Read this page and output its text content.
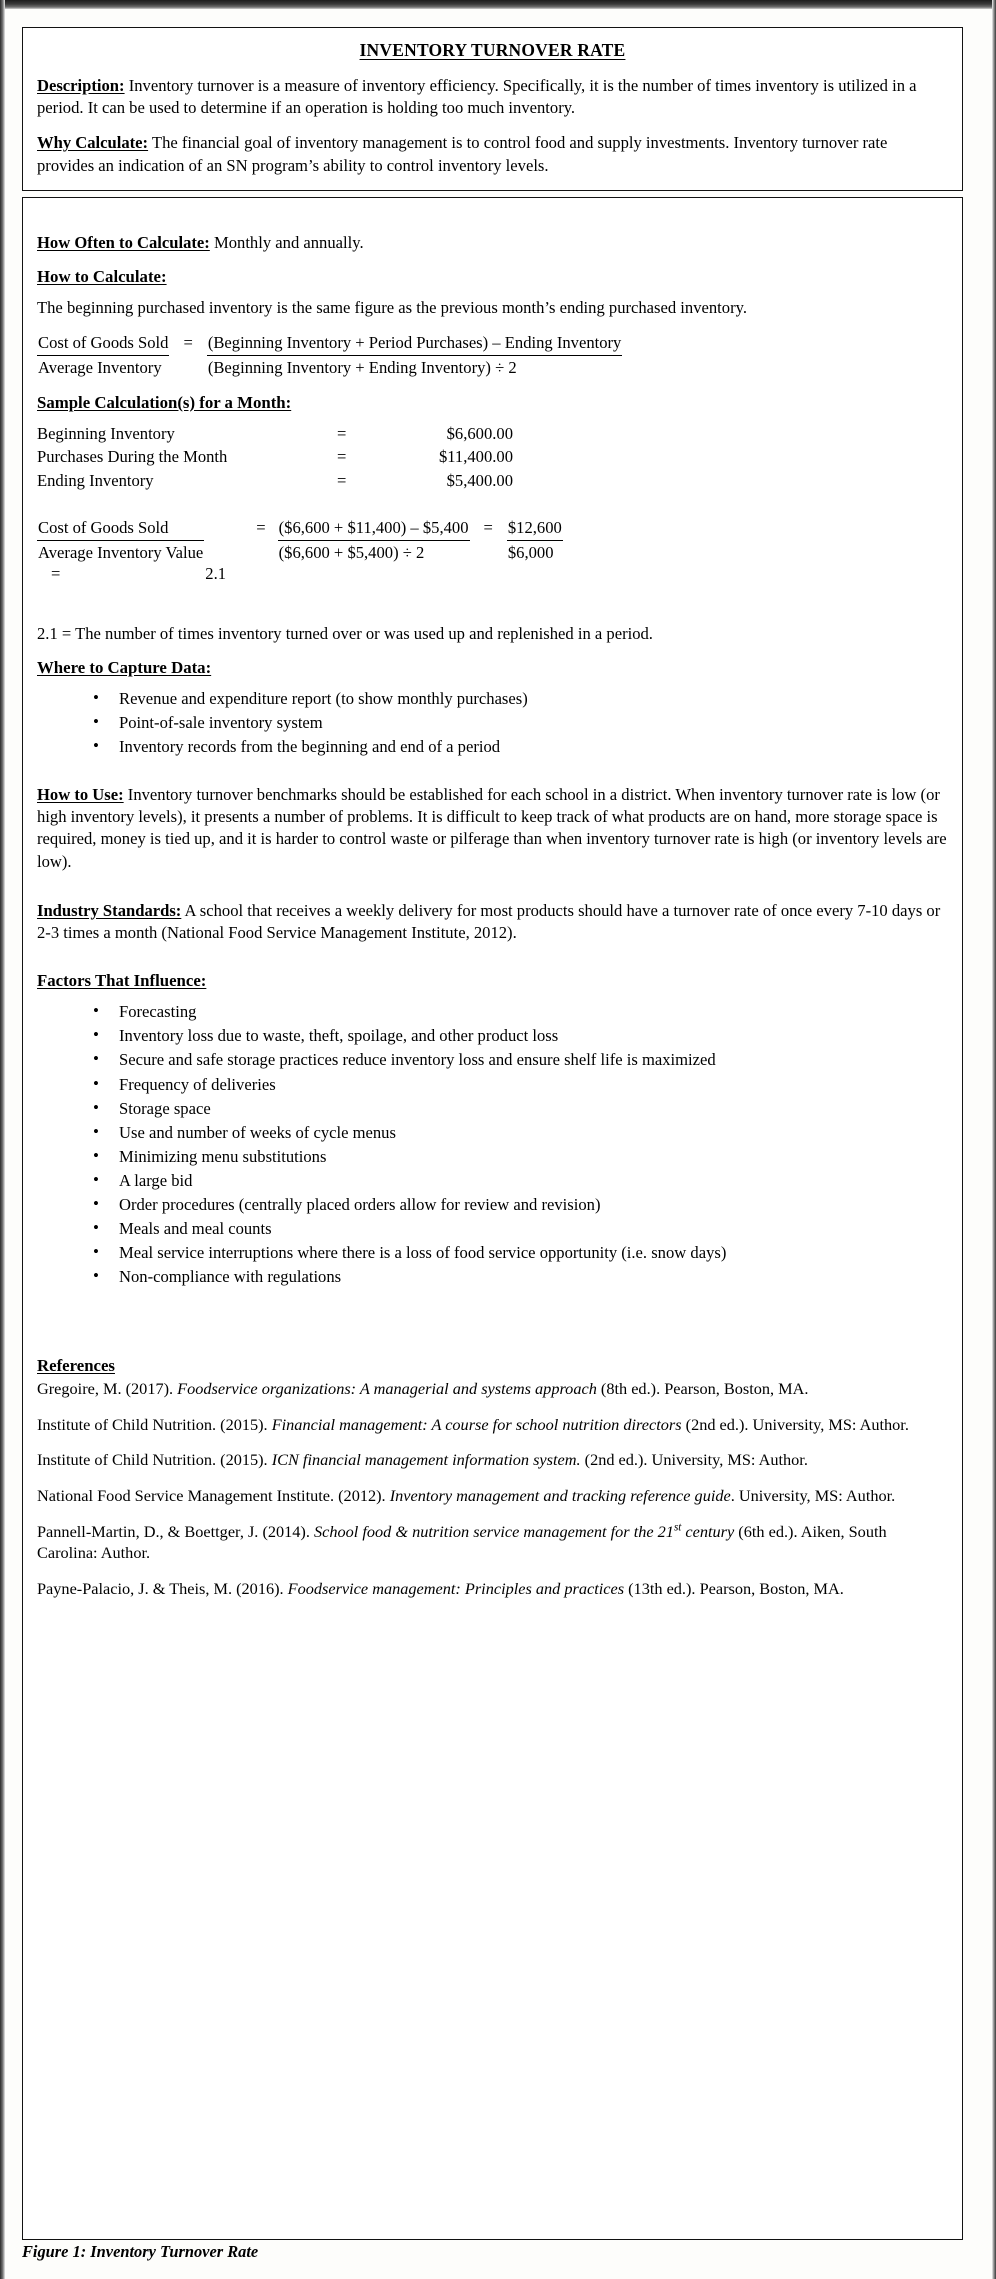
INVENTORY TURNOVER RATE

Description: Inventory turnover is a measure of inventory efficiency. Specifically, it is the number of times inventory is utilized in a period. It can be used to determine if an operation is holding too much inventory.

Why Calculate: The financial goal of inventory management is to control food and supply investments. Inventory turnover rate provides an indication of an SN program’s ability to control inventory levels.

How Often to Calculate: Monthly and annually.
How to Calculate:

The beginning purchased inventory is the same figure as the previous month’s ending purchased inventory.

$\frac{\text{Cost of Goods Sold}}{\text{Average Inventory}} = \frac{\text{(Beginning Inventory + Period Purchases) – Ending Inventory}}{\text{(Beginning Inventory + Ending Inventory) ÷ 2}}$
Sample Calculation(s) for a Month:
Beginning Inventory	=	$6,600.00
Purchases During the Month	=	$11,400.00
Ending Inventory	=	$5,400.00
$\frac{\text{Cost of Goods Sold}}{\text{Average Inventory Value}}$	= $\frac{(\$6,600 + \$11,400) - \$5,400}{(\$6,600 + \$5,400) \div 2} = \frac{\$12,600}{\$6,000}$
=	2.1

2.1 = The number of times inventory turned over or was used up and replenished in a period.

Where to Capture Data:
• Revenue and expenditure report (to show monthly purchases)
• Point-of-sale inventory system
• Inventory records from the beginning and end of a period

How to Use: Inventory turnover benchmarks should be established for each school in a district. When inventory turnover rate is low (or high inventory levels), it presents a number of problems. It is difficult to keep track of what products are on hand, more storage space is required, money is tied up, and it is harder to control waste or pilferage than when inventory turnover rate is high (or inventory levels are low).

Industry Standards: A school that receives a weekly delivery for most products should have a turnover rate of once every 7-10 days or 2-3 times a month (National Food Service Management Institute, 2012).

Factors That Influence:
• Forecasting
• Inventory loss due to waste, theft, spoilage, and other product loss
• Secure and safe storage practices reduce inventory loss and ensure shelf life is maximized
• Frequency of deliveries
• Storage space
• Use and number of weeks of cycle menus
• Minimizing menu substitutions
• A large bid
• Order procedures (centrally placed orders allow for review and revision)
• Meals and meal counts
• Meal service interruptions where there is a loss of food service opportunity (i.e. snow days)
• Non-compliance with regulations
References

Gregoire, M. (2017). Foodservice organizations: A managerial and systems approach (8th ed.). Pearson, Boston, MA.

Institute of Child Nutrition. (2015). Financial management: A course for school nutrition directors (2nd ed.). University, MS: Author.

Institute of Child Nutrition. (2015). ICN financial management information system. (2nd ed.). University, MS: Author.

National Food Service Management Institute. (2012). Inventory management and tracking reference guide. University, MS: Author.

Pannell-Martin, D., & Boettger, J. (2014). School food & nutrition service management for the 21st century (6th ed.). Aiken, South Carolina: Author.

Payne-Palacio, J. & Theis, M. (2016). Foodservice management: Principles and practices (13th ed.). Pearson, Boston, MA.

Figure 1: Inventory Turnover Rate
